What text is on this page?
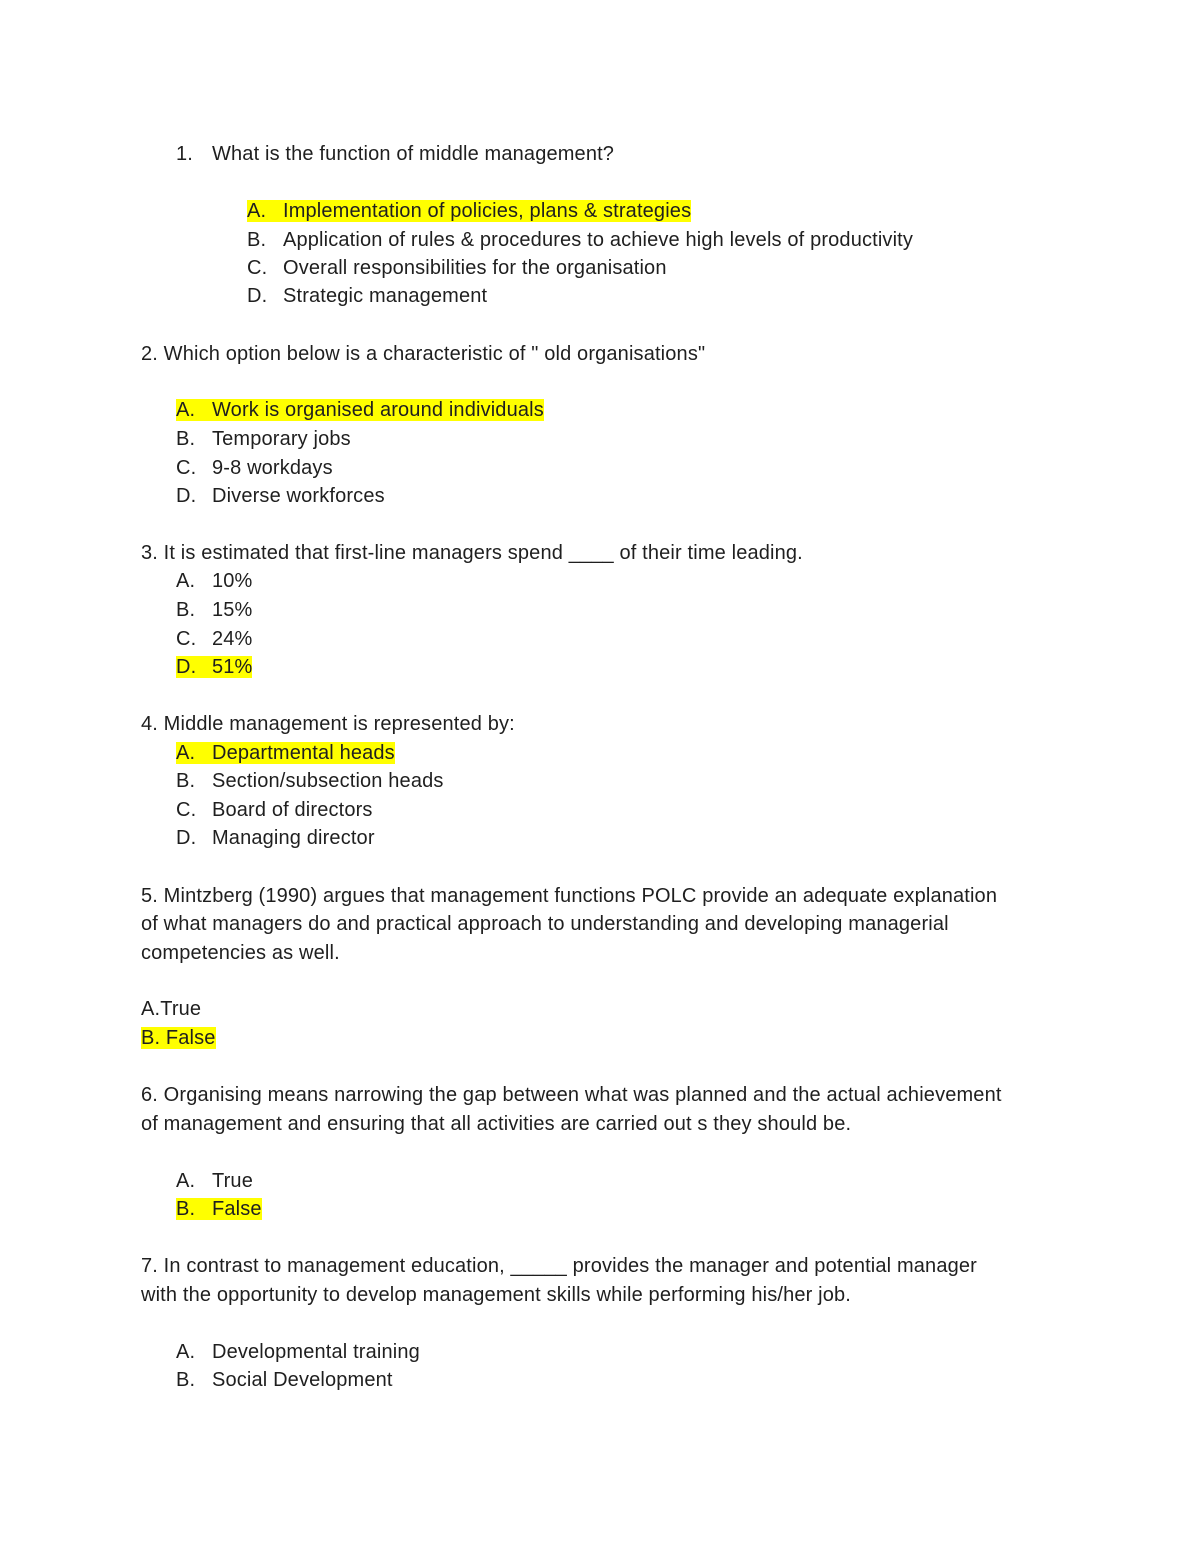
1. What is the function of middle management?
A. Implementation of policies, plans & strategies
B. Application of rules & procedures to achieve high levels of productivity
C. Overall responsibilities for the organisation
D. Strategic management
2. Which option below is a characteristic of " old organisations"
A. Work is organised around individuals
B. Temporary jobs
C. 9-8 workdays
D. Diverse workforces
3. It is estimated that first-line managers spend ____ of their time leading.
A. 10%
B. 15%
C. 24%
D. 51%
4. Middle management is represented by:
A. Departmental heads
B. Section/subsection heads
C. Board of directors
D. Managing director
5. Mintzberg (1990) argues that management functions POLC provide an adequate explanation
of what managers do and practical approach to understanding and developing managerial
competencies as well.
A.True
B. False
6. Organising means narrowing the gap between what was planned and the actual achievement
of management and ensuring that all activities are carried out s they should be.
A. True
B. False
7. In contrast to management education, _____ provides the manager and potential manager
with the opportunity to develop management skills while performing his/her job.
A. Developmental training
B. Social Development
